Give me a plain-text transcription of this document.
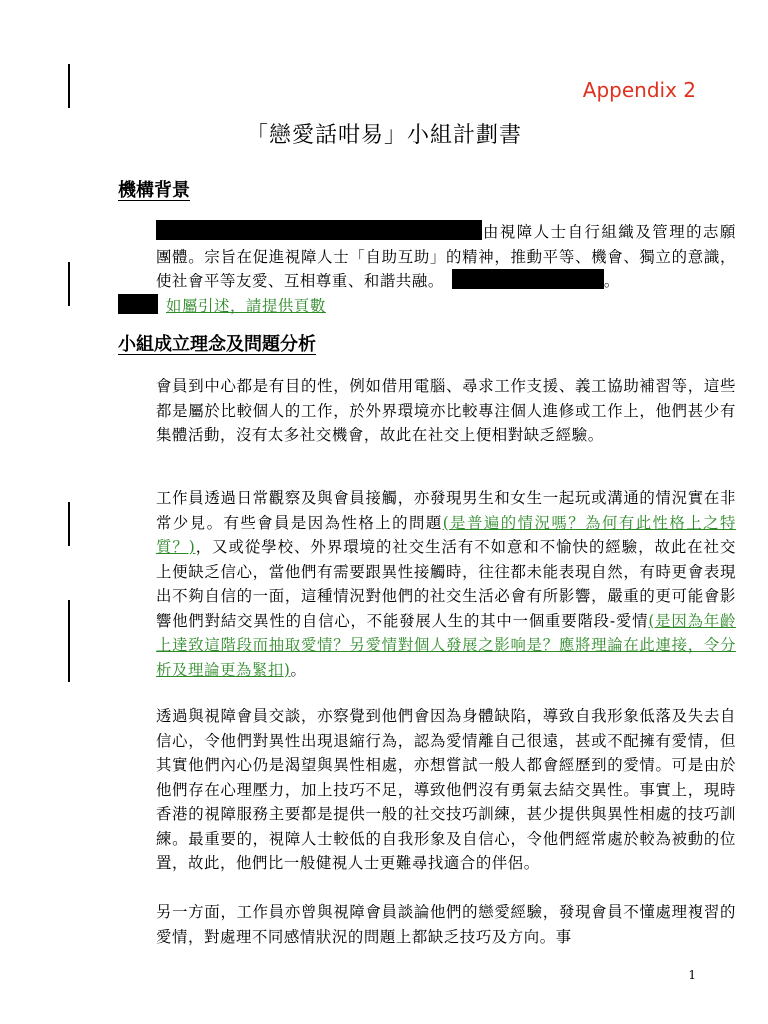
Appendix 2
「戀愛話咁易」小組計劃書
機構背景
由視障人士自行組織及管理的志願團體。宗旨在促進視障人士「自助互助」的精神，推動平等、機會、獨立的意識，使社會平等友愛、互相尊重、和諧共融。	。
如屬引述，請提供頁數
小組成立理念及問題分析
會員到中心都是有目的性，例如借用電腦、尋求工作支援、義工協助補習等，這些都是屬於比較個人的工作，於外界環境亦比較專注個人進修或工作上，他們甚少有集體活動，沒有太多社交機會，故此在社交上便相對缺乏經驗。
工作員透過日常觀察及與會員接觸，亦發現男生和女生一起玩或溝通的情況實在非常少見。有些會員是因為性格上的問題(是普遍的情況嗎？為何有此性格上之特質？)，又或從學校、外界環境的社交生活有不如意和不愉快的經驗，故此在社交上便缺乏信心，當他們有需要跟異性接觸時，往往都未能表現自然，有時更會表現出不夠自信的一面，這種情況對他們的社交生活必會有所影響，嚴重的更可能會影響他們對結交異性的自信心，不能發展人生的其中一個重要階段-愛情(是因為年齡上達致這階段而抽取愛情？另愛情對個人發展之影响是？應將理論在此連接，令分析及理論更為緊扣)。
透過與視障會員交談，亦察覺到他們會因為身體缺陷，導致自我形象低落及失去自信心，令他們對異性出現退縮行為，認為愛情離自己很遠，甚或不配擁有愛情，但其實他們內心仍是渴望與異性相處，亦想嘗試一般人都會經歷到的愛情。可是由於他們存在心理壓力，加上技巧不足，導致他們沒有勇氣去結交異性。事實上，現時香港的視障服務主要都是提供一般的社交技巧訓練，甚少提供與異性相處的技巧訓練。最重要的，視障人士較低的自我形象及自信心，令他們經常處於較為被動的位置，故此，他們比一般健視人士更難尋找適合的伴侶。
另一方面，工作員亦曾與視障會員談論他們的戀愛經驗，發現會員不懂處理複習的愛情，對處理不同感情狀況的問題上都缺乏技巧及方向。事
1
